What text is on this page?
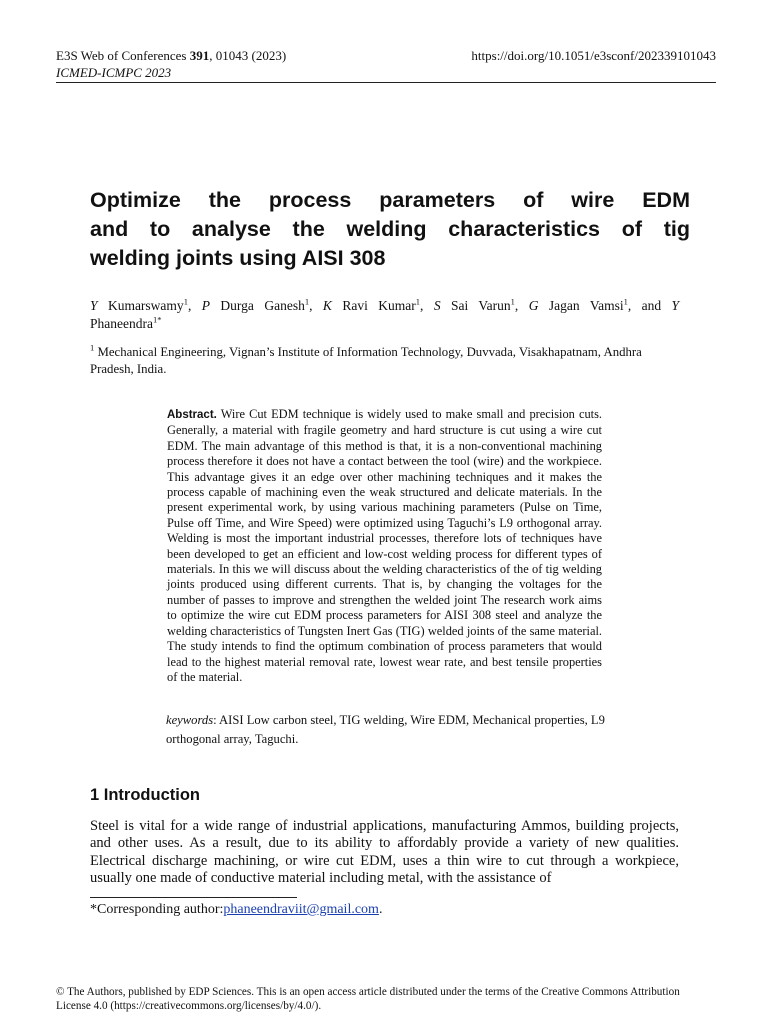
E3S Web of Conferences 391, 01043 (2023)
ICMED-ICMPC 2023
https://doi.org/10.1051/e3sconf/202339101043
Optimize the process parameters of wire EDM
and to analyse the welding characteristics of tig
welding joints using AISI 308
Y Kumarswamy$^1$, P Durga Ganesh$^1$, K Ravi Kumar$^1$, S Sai Varun$^1$, G Jagan Vamsi$^1$, and Y
Phaneendra$^{1*}$
$^1$ Mechanical Engineering, Vignan’s Institute of Information Technology, Duvvada, Visakhapatnam, Andhra Pradesh, India.
Abstract. Wire Cut EDM technique is widely used to make small and precision cuts. Generally, a material with fragile geometry and hard structure is cut using a wire cut EDM. The main advantage of this method is that, it is a non-conventional machining process therefore it does not have a contact between the tool (wire) and the workpiece. This advantage gives it an edge over other machining techniques and it makes the process capable of machining even the weak structured and delicate materials. In the present experimental work, by using various machining parameters (Pulse on Time, Pulse off Time, and Wire Speed) were optimized using Taguchi’s L9 orthogonal array. Welding is most the important industrial processes, therefore lots of techniques have been developed to get an efficient and low-cost welding process for different types of materials. In this we will discuss about the welding characteristics of the of tig welding joints produced using different currents. That is, by changing the voltages for the number of passes to improve and strengthen the welded joint The research work aims to optimize the wire cut EDM process parameters for AISI 308 steel and analyze the welding characteristics of Tungsten Inert Gas (TIG) welded joints of the same material. The study intends to find the optimum combination of process parameters that would lead to the highest material removal rate, lowest wear rate, and best tensile properties of the material.
keywords: AISI Low carbon steel, TIG welding, Wire EDM, Mechanical properties, L9 orthogonal array, Taguchi.
1 Introduction
Steel is vital for a wide range of industrial applications, manufacturing Ammos, building projects, and other uses. As a result, due to its ability to affordably provide a variety of new qualities. Electrical discharge machining, or wire cut EDM, uses a thin wire to cut through a workpiece, usually one made of conductive material including metal, with the assistance of
*Corresponding author:phaneendraviit@gmail.com.
© The Authors, published by EDP Sciences. This is an open access article distributed under the terms of the Creative Commons Attribution License 4.0 (https://creativecommons.org/licenses/by/4.0/).
